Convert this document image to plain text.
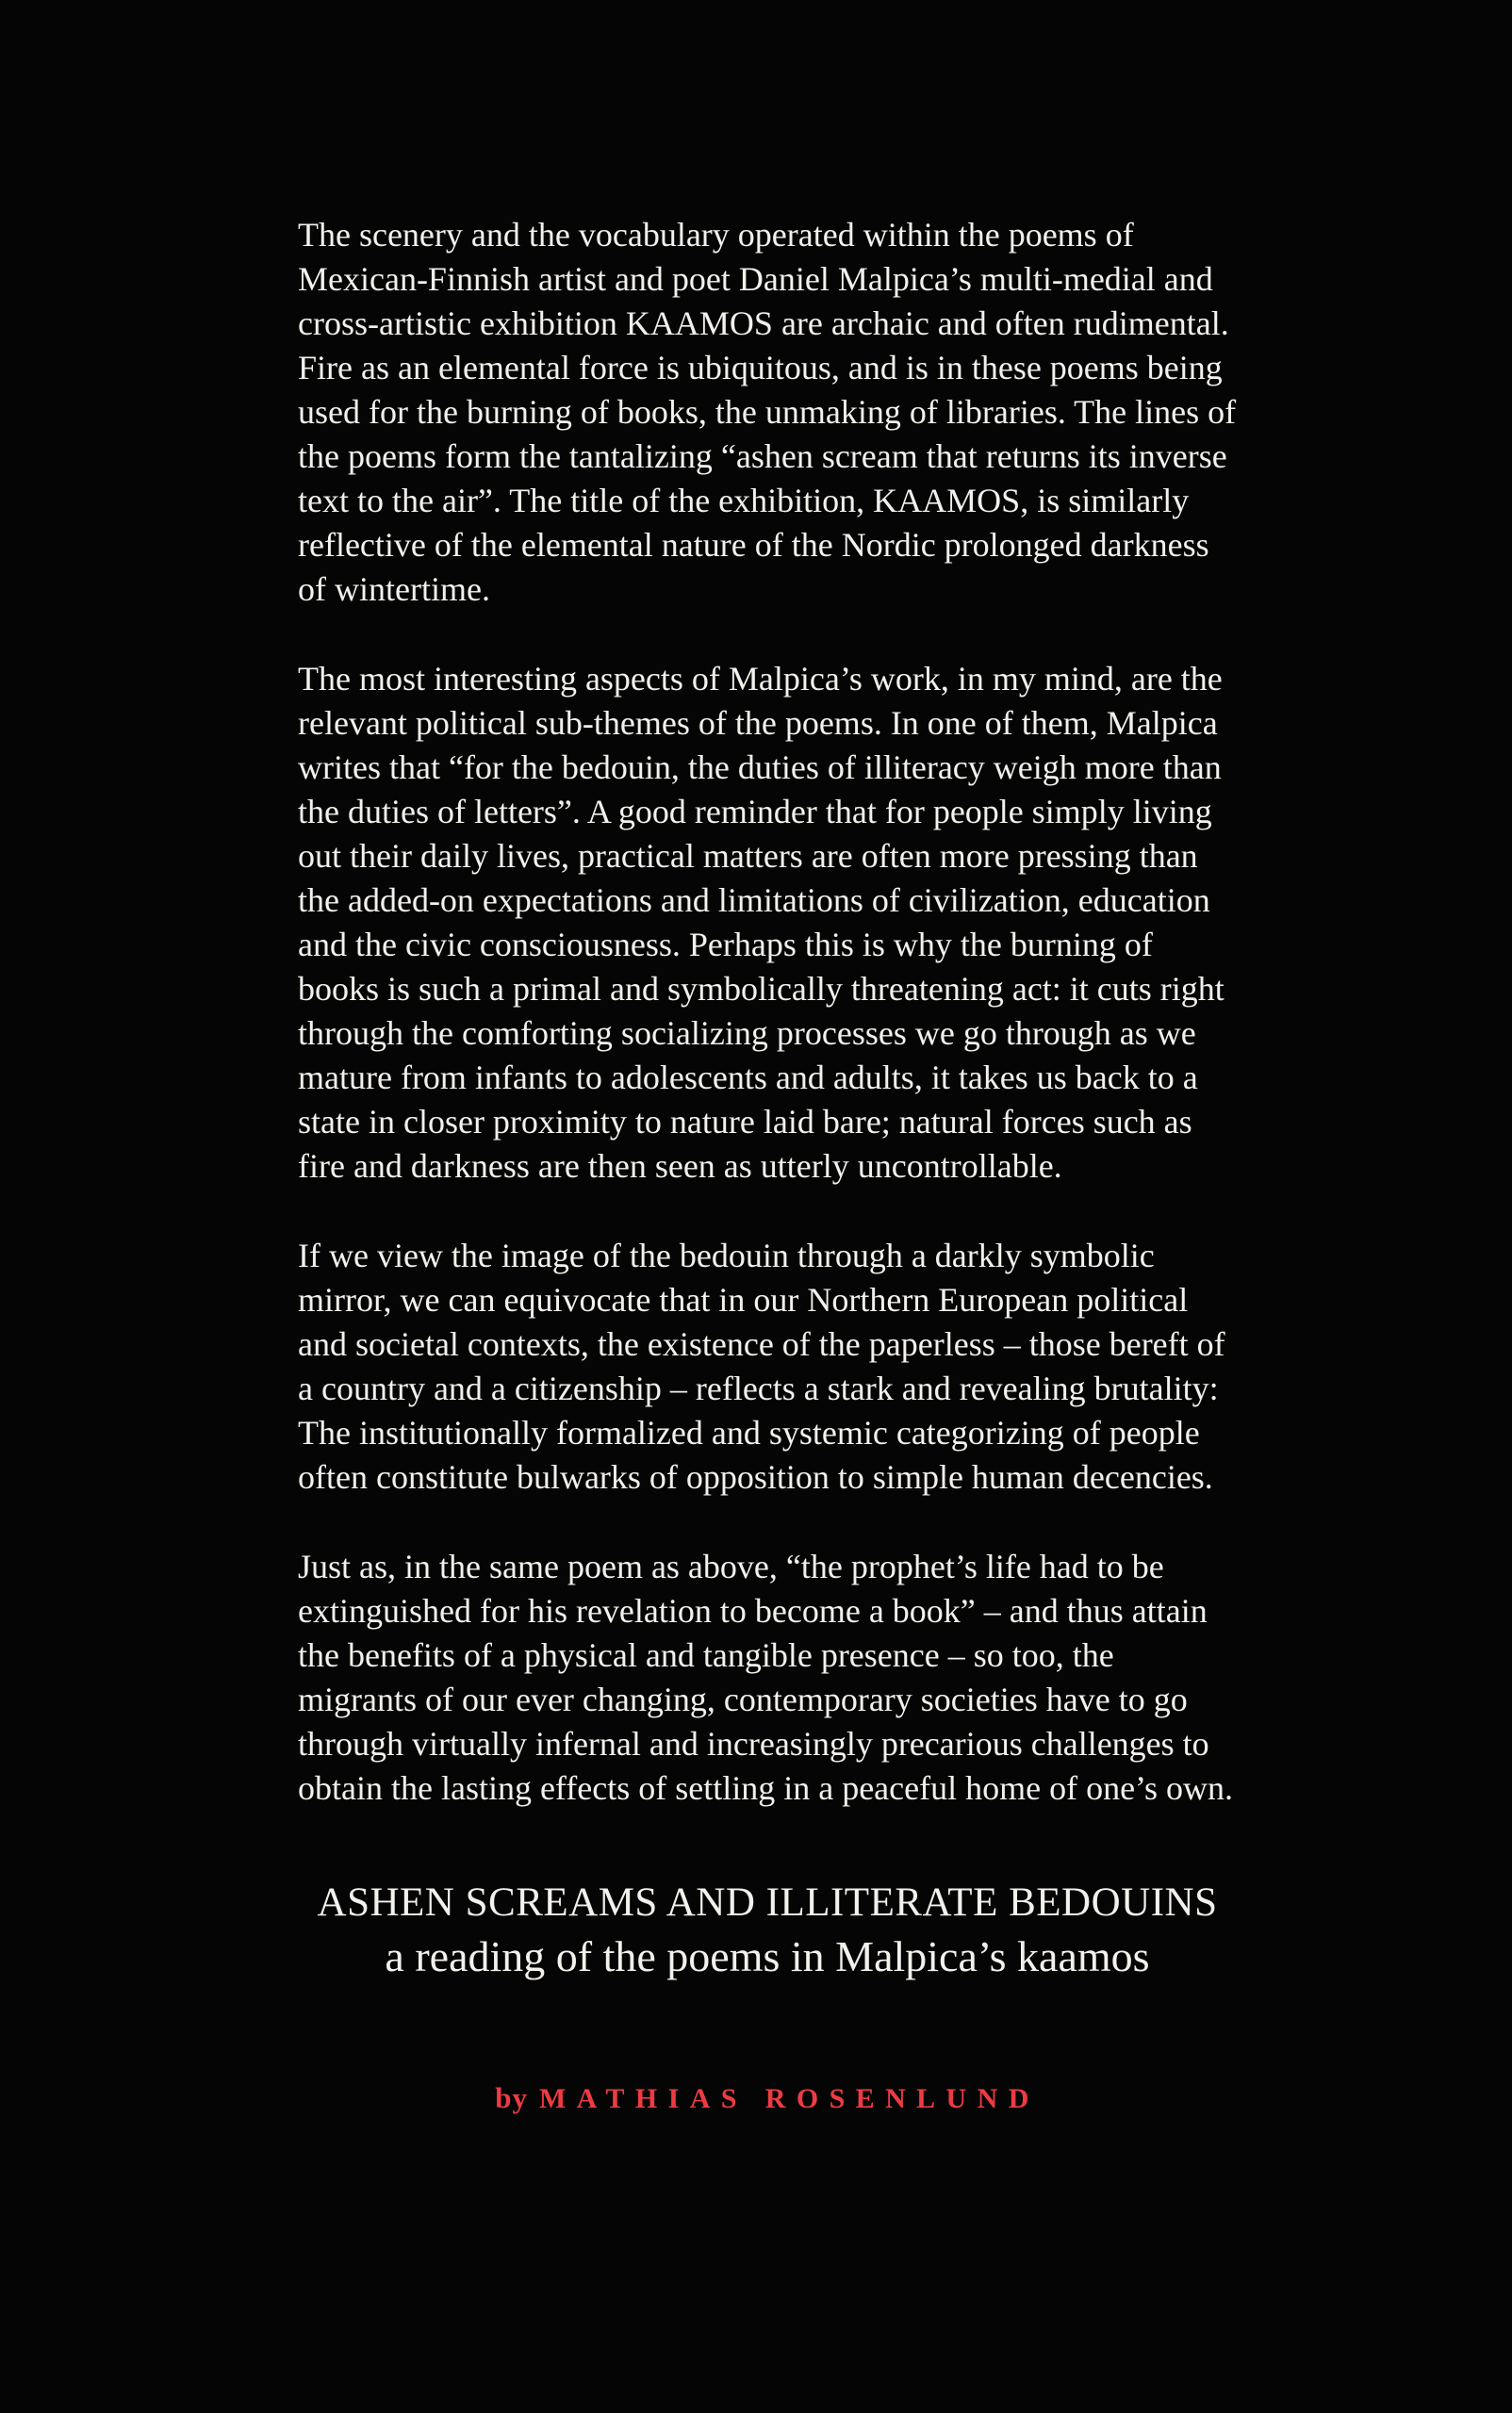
The scenery and the vocabulary operated within the poems of Mexican-Finnish artist and poet Daniel Malpica’s multi-medial and cross-artistic exhibition KAAMOS are archaic and often rudimental. Fire as an elemental force is ubiquitous, and is in these poems being used for the burning of books, the unmaking of libraries. The lines of the poems form the tantalizing “ashen scream that returns its inverse text to the air”. The title of the exhibition, KAAMOS, is similarly reflective of the elemental nature of the Nordic prolonged darkness of wintertime.

The most interesting aspects of Malpica’s work, in my mind, are the relevant political sub-themes of the poems. In one of them, Malpica writes that “for the bedouin, the duties of illiteracy weigh more than the duties of letters”. A good reminder that for people simply living out their daily lives, practical matters are often more pressing than the added-on expectations and limitations of civilization, education and the civic consciousness. Perhaps this is why the burning of books is such a primal and symbolically threatening act: it cuts right through the comforting socializing processes we go through as we mature from infants to adolescents and adults, it takes us back to a state in closer proximity to nature laid bare; natural forces such as fire and darkness are then seen as utterly uncontrollable.

If we view the image of the bedouin through a darkly symbolic mirror, we can equivocate that in our Northern European political and societal contexts, the existence of the paperless – those bereft of a country and a citizenship – reflects a stark and revealing brutality: The institutionally formalized and systemic categorizing of people often constitute bulwarks of opposition to simple human decencies.

Just as, in the same poem as above, “the prophet’s life had to be extinguished for his revelation to become a book” – and thus attain the benefits of a physical and tangible presence – so too, the migrants of our ever changing, contemporary societies have to go through virtually infernal and increasingly precarious challenges to obtain the lasting effects of settling in a peaceful home of one’s own.

ASHEN SCREAMS AND ILLITERATE BEDOUINS
a reading of the poems in Malpica’s kaamos
by MATHIAS ROSENLUND
